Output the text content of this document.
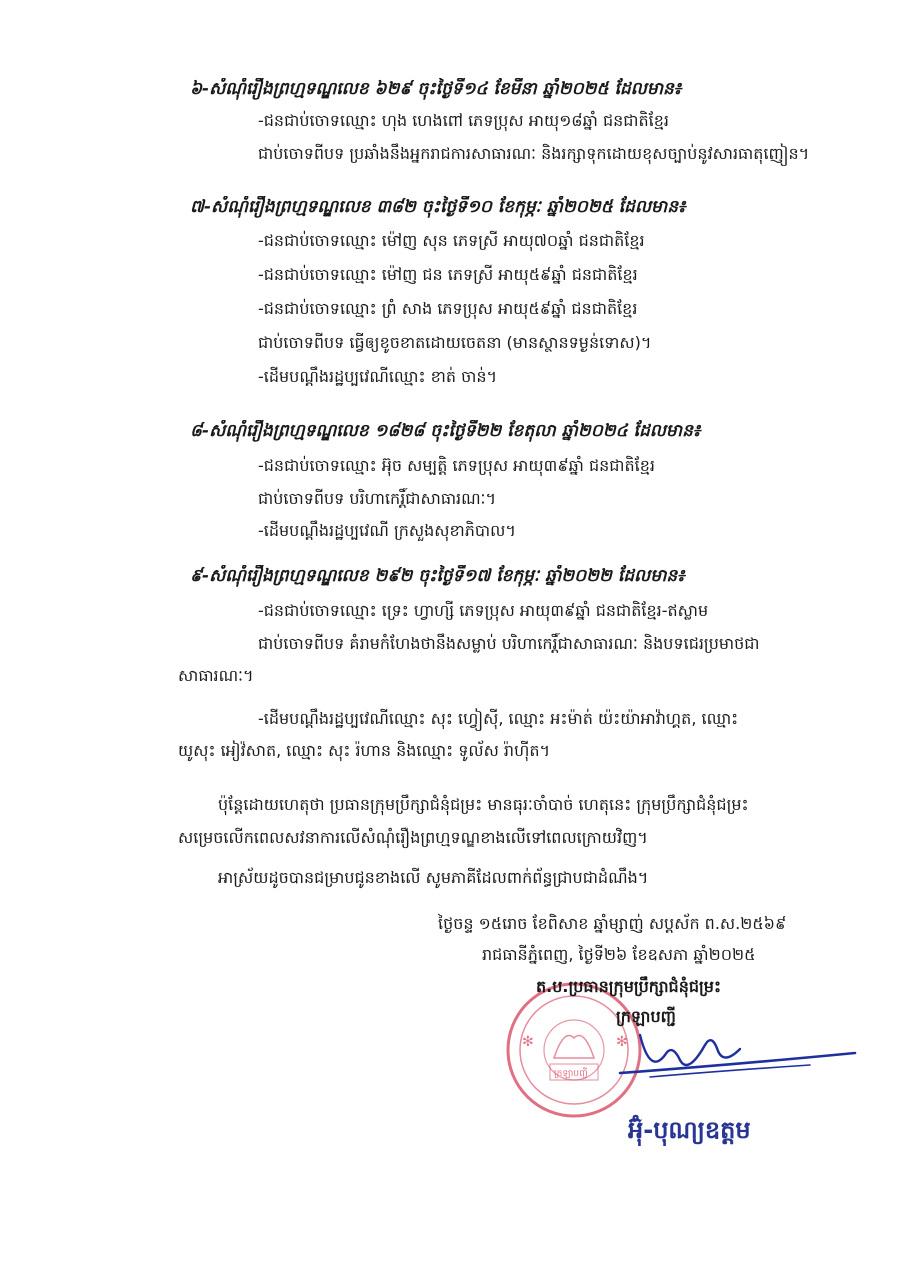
៦-សំណុំរឿងព្រហ្មទណ្ឌលេខ ៦២៩ ចុះថ្ងៃទី១៤ ខែមីនា ឆ្នាំ២០២៥ ដែលមាន៖
-ជនជាប់ចោទឈ្មោះ ហុង ហេងពៅ ភេទប្រុស អាយុ១៨ឆ្នាំ ជនជាតិខ្មែរ
ជាប់ចោទពីបទ ប្រឆាំងនឹងអ្នករាជការសាធារណៈ និងរក្សាទុកដោយខុសច្បាប់នូវសារធាតុញៀន។
៧-សំណុំរឿងព្រហ្មទណ្ឌលេខ ៣៨២ ចុះថ្ងៃទី១០ ខែកុម្ភៈ ឆ្នាំ២០២៥ ដែលមាន៖
-ជនជាប់ចោទឈ្មោះ ម៉ៅញ សុន ភេទស្រី អាយុ៧០ឆ្នាំ ជនជាតិខ្មែរ
-ជនជាប់ចោទឈ្មោះ ម៉ៅញ ជន ភេទស្រី អាយុ៥៩ឆ្នាំ ជនជាតិខ្មែរ
-ជនជាប់ចោទឈ្មោះ ព្រំ សាង ភេទប្រុស អាយុ៥៩ឆ្នាំ ជនជាតិខ្មែរ
ជាប់ចោទពីបទ ធ្វើឲ្យខូចខាតដោយចេតនា (មានស្ថានទម្ងន់ទោស)។
-ដើមបណ្ដឹងរដ្ឋប្បវេណីឈ្មោះ ខាត់ ចាន់។
៨-សំណុំរឿងព្រហ្មទណ្ឌលេខ ១៨២៨ ចុះថ្ងៃទី២២ ខែតុលា ឆ្នាំ២០២៤ ដែលមាន៖
-ជនជាប់ចោទឈ្មោះ អ៊ុច សម្បត្តិ ភេទប្រុស អាយុ៣៩ឆ្នាំ ជនជាតិខ្មែរ
ជាប់ចោទពីបទ បរិហាកេរ្តិ៍ជាសាធារណៈ។
-ដើមបណ្ដឹងរដ្ឋប្បវេណី ក្រសួងសុខាភិបាល។
៩-សំណុំរឿងព្រហ្មទណ្ឌលេខ ២៩២ ចុះថ្ងៃទី១៧ ខែកុម្ភៈ ឆ្នាំ២០២២ ដែលមាន៖
-ជនជាប់ចោទឈ្មោះ ទ្រេះ ហ្វាហ្សី ភេទប្រុស អាយុ៣៩ឆ្នាំ ជនជាតិខ្មែរ-ឥស្លាម
ជាប់ចោទពីបទ គំរាមកំហែងថានឹងសម្លាប់ បរិហាកេរ្តិ៍ជាសាធារណៈ និងបទជេរប្រមាថជា
សាធារណៈ។
-ដើមបណ្ដឹងរដ្ឋប្បវេណីឈ្មោះ សុះ ហ្វៀស៊ី, ឈ្មោះ អះម៉ាត់ យ៉ះយ៉ាអាវ៉ាហ្គត, ឈ្មោះ
យូសុះ អៀវ៉សាត, ឈ្មោះ សុះ រ៉ហាន និងឈ្មោះ ទូល័ស រ៉ាហ៊ីត។
ប៉ុន្តែដោយហេតុថា ប្រធានក្រុមប្រឹក្សាជំនុំជម្រះ មានធុរៈចាំបាច់ ហេតុនេះ ក្រុមប្រឹក្សាជំនុំជម្រះ
សម្រេចលើកពេលសវនាការលើសំណុំរឿងព្រហ្មទណ្ឌខាងលើទៅពេលក្រោយវិញ។
អាស្រ័យដូចបានជម្រាបជូនខាងលើ សូមភាគីដែលពាក់ព័ន្ធជ្រាបជាដំណឹង។
ថ្ងៃចន្ទ ១៥រោច ខែពិសាខ ឆ្នាំម្សាញ់ សប្តស័ក ព.ស.២៥៦៩
រាជធានីភ្នំពេញ, ថ្ងៃទី២៦ ខែឧសភា ឆ្នាំ២០២៥
✻	✻
ក្រឡាបញ្ជី
ត.ប.ប្រធានក្រុមប្រឹក្សាជំនុំជម្រះ
ក្រឡាបញ្ជី
អ៊ុំ-បុណ្យឧត្តម
